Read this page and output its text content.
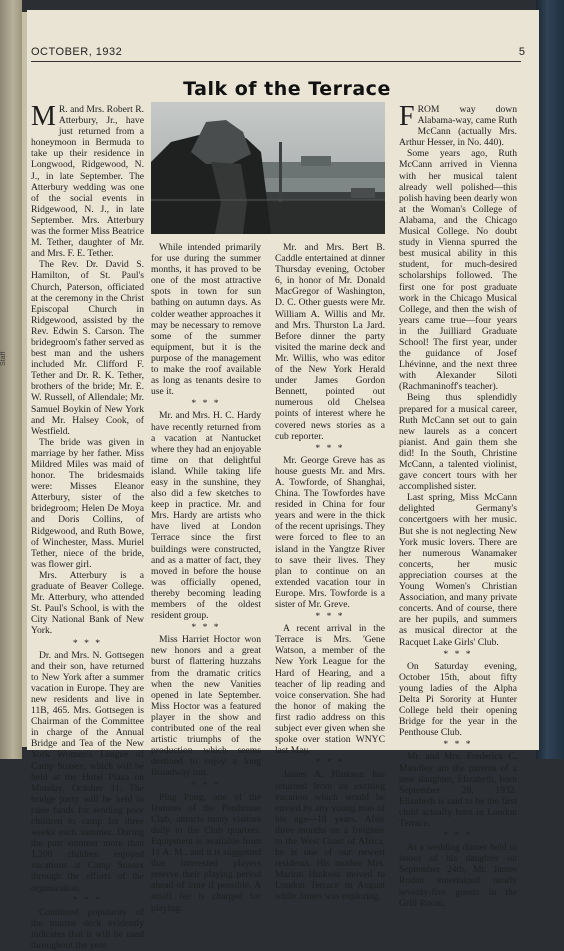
OCTOBER, 1932	5
Talk of the Terrace

M R. and Mrs. Robert R. Atterbury, Jr., have just returned from a honeymoon in Bermuda to take up their residence in Longwood, Ridgewood, N. J., in late September. The Atterbury wedding was one of the social events in Ridgewood, N. J., in late September. Mrs. Atterbury was the former Miss Beatrice M. Tether, daughter of Mr. and Mrs. F. E. Tether.

The Rev. Dr. David S. Hamilton, of St. Paul's Church, Paterson, officiated at the ceremony in the Christ Episcopal Church in Ridgewood, assisted by the Rev. Edwin S. Carson. The bridegroom's father served as best man and the ushers included Mr. Clifford F. Tether and Dr. R. K. Tether, brothers of the bride; Mr. E. W. Russell, of Allendale; Mr. Samuel Boykin of New York and Mr. Halsey Cook, of Westfield.

The bride was given in marriage by her father. Miss Mildred Miles was maid of honor. The bridesmaids were: Misses Eleanor Atterbury, sister of the bridegroom; Helen De Moya and Doris Collins, of Ridgewood, and Ruth Bowe, of Winchester, Mass. Muriel Tether, niece of the bride, was flower girl.

Mrs. Atterbury is a graduate of Beaver College. Mr. Atterbury, who attended St. Paul's School, is with the City National Bank of New York.

* * *

Dr. and Mrs. N. Gottsegen and their son, have returned to New York after a summer vacation in Europe. They are new residents and live in 11B, 465. Mrs. Gottsegen is Chairman of the Committee in charge of the Annual Bridge and Tea of the New York Women's League of Camp Sussex, which will be held at the Hotel Plaza on Monday, October 31. The bridge party will be held to raise funds for sending poor children to camp for three weeks each summer. During the past summer more than 1,200 children enjoyed vacations at Camp Sussex through the efforts of the organization.

* * *

Continued popularity of the marine deck evidently indicates that it will be used throughout the year.

While intended primarily for use during the summer months, it has proved to be one of the most attractive spots in town for sun bathing on autumn days. As colder weather approaches it may be necessary to remove some of the summer equipment, but it is the purpose of the management to make the roof available as long as tenants desire to use it.

* * *

Mr. and Mrs. H. C. Hardy have recently returned from a vacation at Nantucket where they had an enjoyable time on that delightful island. While taking life easy in the sunshine, they also did a few sketches to keep in practice. Mr. and Mrs. Hardy are artists who have lived at London Terrace since the first buildings were constructed, and as a matter of fact, they moved in before the house was officially opened, thereby becoming leading members of the oldest resident group.

* * *

Miss Harriet Hoctor won new honors and a great burst of flattering huzzahs from the dramatic critics when the new Vanities opened in late September. Miss Hoctor was a featured player in the show and contributed one of the real artistic triumphs of the production which seems destined to enjoy a long Broadway run.

* * *

Ping Pong, one of the features of the Penthouse Club, attracts many visitors daily to the Club quarters. Equipment is available from 11 A. M., and it is suggested that interested players reserve their playing period ahead of time if possible. A small fee is charged for playing.

Mr. and Mrs. Bert B. Caddle entertained at dinner Thursday evening, October 6, in honor of Mr. Donald MacGregor of Washington, D. C. Other guests were Mr. William A. Willis and Mr. and Mrs. Thurston La Jard. Before dinner the party visited the marine deck and Mr. Willis, who was editor of the New York Herald under James Gordon Bennett, pointed out numerous old Chelsea points of interest where he covered news stories as a cub reporter.

* * *

Mr. George Greve has as house guests Mr. and Mrs. A. Towforde, of Shanghai, China. The Towfordes have resided in China for four years and were in the thick of the recent uprisings. They were forced to flee to an island in the Yangtze River to save their lives. They plan to continue on an extended vacation tour in Europe. Mrs. Towforde is a sister of Mr. Greve.

* * *

A recent arrival in the Terrace is Mrs. 'Gene Watson, a member of the New York League for the Hard of Hearing, and a teacher of lip reading and voice conservation. She had the honor of making the first radio address on this subject ever given when she spoke over station WNYC last May.

* * *

James A. Hinkson has returned from an exciting vacation which would be envied by any young man of his age—18 years. After three months on a freighter to the West Coast of Africa, he is one of our newest residents. His mother Mrs. Marion Hinkson moved to London Terrace in August while James was exploring.

FROM way down Alabama-way, came Ruth McCann (actually Mrs. Arthur Hesser, in No. 440).

Some years ago, Ruth McCann arrived in Vienna with her musical talent already well polished—this polish having been dearly won at the Woman's College of Alabama, and the Chicago Musical College. No doubt study in Vienna spurred the best musical ability in this student, for much-desired scholarships followed. The first one for post graduate work in the Chicago Musical College, and then the wish of years came true—four years in the Juilliard Graduate School! The first year, under the guidance of Josef Lhévinne, and the next three with Alexander Siloti (Rachmaninoff's teacher).

Being thus splendidly prepared for a musical career, Ruth McCann set out to gain new laurels as a concert pianist. And gain them she did! In the South, Christine McCann, a talented violinist, gave concert tours with her accomplished sister.

Last spring, Miss McCann delighted Germany's concertgoers with her music. But she is not neglecting New York music lovers. There are her numerous Wanamaker concerts, her music appreciation courses at the Young Women's Christian Association, and many private concerts. And of course, there are her pupils, and summers as musical director at the Racquet Lake Girls' Club.

* * *

On Saturday evening, October 15th, about fifty young ladies of the Alpha Delta Pi Sorority at Hunter College held their opening Bridge for the year in the Penthouse Club.

* * *

Mr. and Mrs. Frederick C. Mandley are the parents of a new daughter, Elizabeth, born September 28, 1932. Elizabeth is said to be the first child actually born in London Terrace.

* * *

At a wedding dinner held in honor of his daughter on September 24th, Mr. James Roden entertained nearly seventy-five guests in the Grill Room.

Staff
